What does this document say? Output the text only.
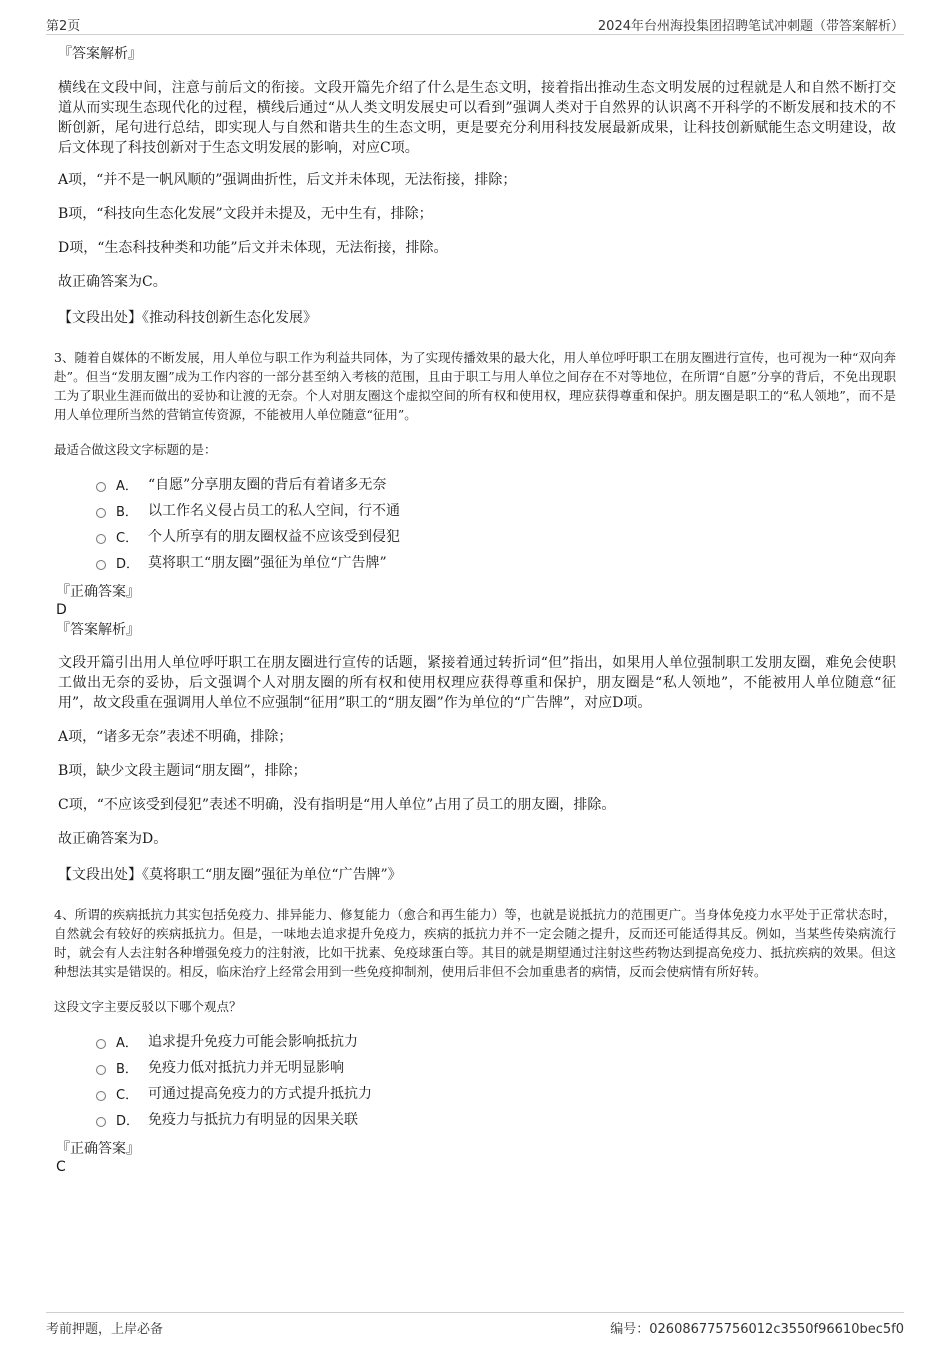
第2页	2024年台州海投集团招聘笔试冲刺题（带答案解析）
『答案解析』
横线在文段中间，注意与前后文的衔接。文段开篇先介绍了什么是生态文明，接着指出推动生态文明发展的过程就是人和自然不断打交道从而实现生态现代化的过程，横线后通过“从人类文明发展史可以看到”强调人类对于自然界的认识离不开科学的不断发展和技术的不断创新，尾句进行总结，即实现人与自然和谐共生的生态文明，更是要充分利用科技发展最新成果，让科技创新赋能生态文明建设，故后文体现了科技创新对于生态文明发展的影响，对应C项。
A项，“并不是一帆风顺的”强调曲折性，后文并未体现，无法衔接，排除；
B项，“科技向生态化发展”文段并未提及，无中生有，排除；
D项，“生态科技种类和功能”后文并未体现，无法衔接，排除。
故正确答案为C。
【文段出处】《推动科技创新生态化发展》
3、随着自媒体的不断发展，用人单位与职工作为利益共同体，为了实现传播效果的最大化，用人单位呼吁职工在朋友圈进行宣传，也可视为一种“双向奔赴”。但当“发朋友圈”成为工作内容的一部分甚至纳入考核的范围，且由于职工与用人单位之间存在不对等地位，在所谓“自愿”分享的背后，不免出现职工为了职业生涯而做出的妥协和让渡的无奈。个人对朋友圈这个虚拟空间的所有权和使用权，理应获得尊重和保护。朋友圈是职工的“私人领地”，而不是用人单位理所当然的营销宣传资源，不能被用人单位随意“征用”。
最适合做这段文字标题的是：
A． “自愿”分享朋友圈的背后有着诸多无奈
B． 以工作名义侵占员工的私人空间，行不通
C． 个人所享有的朋友圈权益不应该受到侵犯
D． 莫将职工“朋友圈”强征为单位“广告牌”
『正确答案』
D
『答案解析』
文段开篇引出用人单位呼吁职工在朋友圈进行宣传的话题，紧接着通过转折词“但”指出，如果用人单位强制职工发朋友圈，难免会使职工做出无奈的妥协，后文强调个人对朋友圈的所有权和使用权理应获得尊重和保护，朋友圈是“私人领地”，不能被用人单位随意“征用”，故文段重在强调用人单位不应强制“征用”职工的“朋友圈”作为单位的“广告牌”，对应D项。
A项，“诸多无奈”表述不明确，排除；
B项，缺少文段主题词“朋友圈”，排除；
C项，“不应该受到侵犯”表述不明确，没有指明是“用人单位”占用了员工的朋友圈，排除。
故正确答案为D。
【文段出处】《莫将职工“朋友圈”强征为单位“广告牌”》
4、所谓的疾病抵抗力其实包括免疫力、排异能力、修复能力（愈合和再生能力）等，也就是说抵抗力的范围更广。当身体免疫力水平处于正常状态时，自然就会有较好的疾病抵抗力。但是，一味地去追求提升免疫力，疾病的抵抗力并不一定会随之提升，反而还可能适得其反。例如，当某些传染病流行时，就会有人去注射各种增强免疫力的注射液，比如干扰素、免疫球蛋白等。其目的就是期望通过注射这些药物达到提高免疫力、抵抗疾病的效果。但这种想法其实是错误的。相反，临床治疗上经常会用到一些免疫抑制剂，使用后非但不会加重患者的病情，反而会使病情有所好转。
这段文字主要反驳以下哪个观点？
A． 追求提升免疫力可能会影响抵抗力
B． 免疫力低对抵抗力并无明显影响
C． 可通过提高免疫力的方式提升抵抗力
D． 免疫力与抵抗力有明显的因果关联
『正确答案』
C
考前押题，上岸必备	编号：026086775756012c3550f96610bec5f0
